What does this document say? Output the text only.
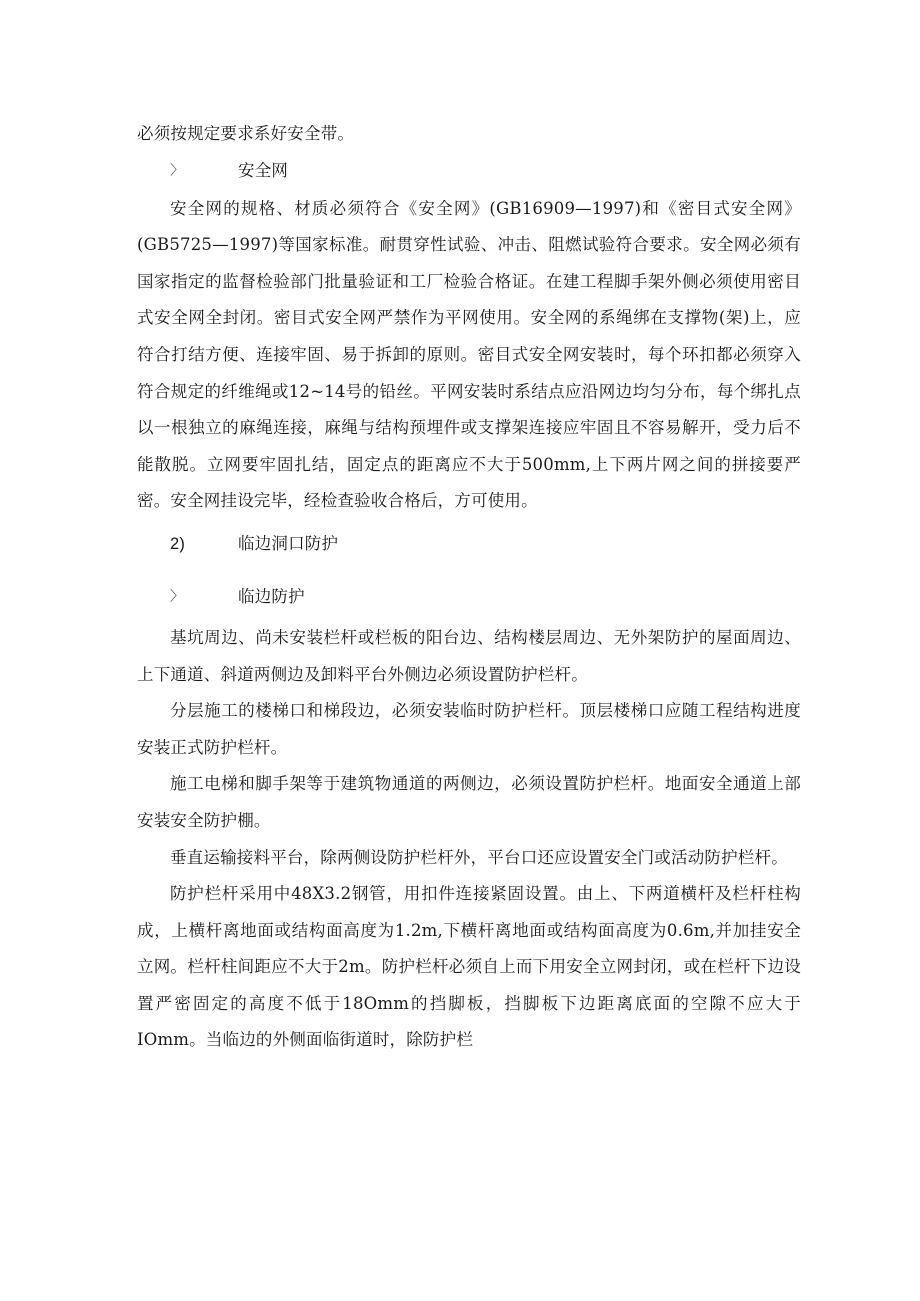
必须按规定要求系好安全带。

〉	安全网

安全网的规格、材质必须符合《安全网》(GB16909—1997)和《密目式安全网》(GB5725—1997)等国家标准。耐贯穿性试验、冲击、阻燃试验符合要求。安全网必须有国家指定的监督检验部门批量验证和工厂检验合格证。在建工程脚手架外侧必须使用密目式安全网全封闭。密目式安全网严禁作为平网使用。安全网的系绳绑在支撑物(架)上，应符合打结方便、连接牢固、易于拆卸的原则。密目式安全网安装时，每个环扣都必须穿入符合规定的纤维绳或12~14号的铅丝。平网安装时系结点应沿网边均匀分布，每个绑扎点以一根独立的麻绳连接，麻绳与结构预埋件或支撑架连接应牢固且不容易解开，受力后不能散脱。立网要牢固扎结，固定点的距离应不大于500mm,上下两片网之间的拼接要严密。安全网挂设完毕，经检查验收合格后，方可使用。

2)	临边洞口防护
〉	临边防护

基坑周边、尚未安装栏杆或栏板的阳台边、结构楼层周边、无外架防护的屋面周边、上下通道、斜道两侧边及卸料平台外侧边必须设置防护栏杆。

分层施工的楼梯口和梯段边，必须安装临时防护栏杆。顶层楼梯口应随工程结构进度安装正式防护栏杆。

施工电梯和脚手架等于建筑物通道的两侧边，必须设置防护栏杆。地面安全通道上部安装安全防护棚。

垂直运输接料平台，除两侧设防护栏杆外，平台口还应设置安全门或活动防护栏杆。

防护栏杆采用中48X3.2钢管，用扣件连接紧固设置。由上、下两道横杆及栏杆柱构成，上横杆离地面或结构面高度为1.2m,下横杆离地面或结构面高度为0.6m,并加挂安全立网。栏杆柱间距应不大于2m。防护栏杆必须自上而下用安全立网封闭，或在栏杆下边设置严密固定的高度不低于18Omm的挡脚板，挡脚板下边距离底面的空隙不应大于IOmm。当临边的外侧面临街道时，除防护栏
